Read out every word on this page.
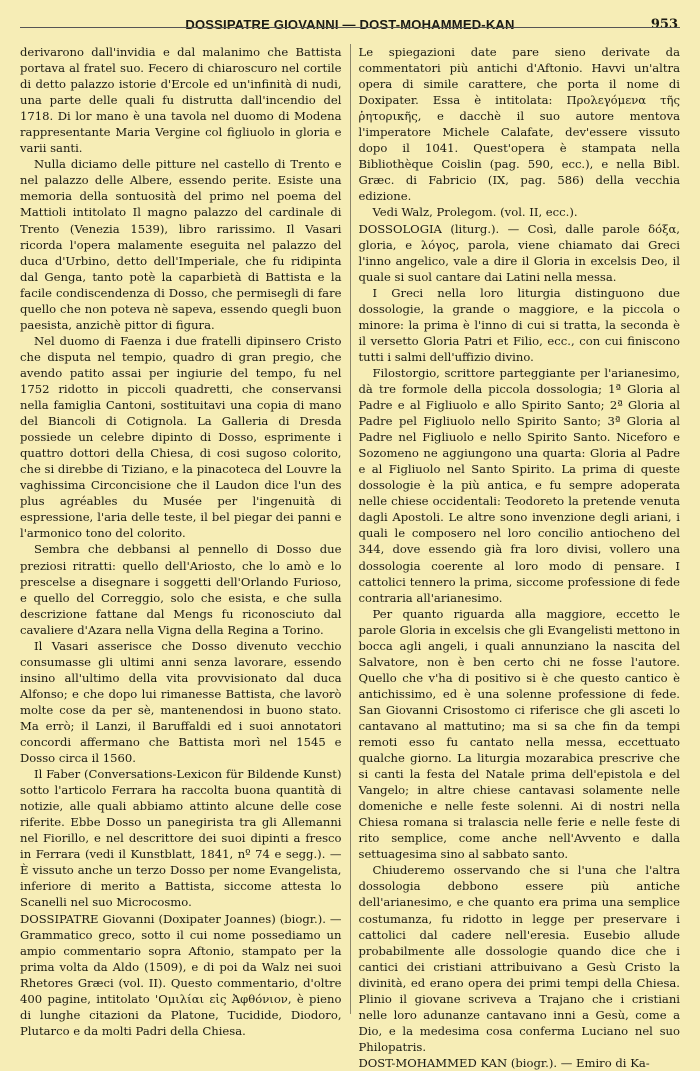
DOSSIPATRE GIOVANNI — DOST-MOHAMMED-KAN	953

derivarono dall'invidia e dal malanimo che Battista portava al fratel suo. Fecero di chiaroscuro nel cortile di detto palazzo istorie d'Ercole ed un'infinità di nudi, una parte delle quali fu distrutta dall'incendio del 1718. Di lor mano è una tavola nel duomo di Modena rappresentante Maria Vergine col figliuolo in gloria e varii santi.

Nulla diciamo delle pitture nel castello di Trento e nel palazzo delle Albere, essendo perite. Esiste una memoria della sontuosità del primo nel poema del Mattioli intitolato Il magno palazzo del cardinale di Trento (Venezia 1539), libro rarissimo. Il Vasari ricorda l'opera malamente eseguita nel palazzo del duca d'Urbino, detto dell'Imperiale, che fu ridipinta dal Genga, tanto potè la caparbietà di Battista e la facile condiscendenza di Dosso, che permisegli di fare quello che non poteva nè sapeva, essendo quegli buon paesista, anzichè pittor di figura.

Nel duomo di Faenza i due fratelli dipinsero Cristo che disputa nel tempio, quadro di gran pregio, che avendo patito assai per ingiurie del tempo, fu nel 1752 ridotto in piccoli quadretti, che conservansi nella famiglia Cantoni, sostituitavi una copia di mano del Biancoli di Cotignola. La Galleria di Dresda possiede un celebre dipinto di Dosso, esprimente i quattro dottori della Chiesa, di cosi sugoso colorito, che si direbbe di Tiziano, e la pinacoteca del Louvre la vaghissima Circoncisione che il Laudon dice l'un des plus agréables du Musée per l'ingenuità di espressione, l'aria delle teste, il bel piegar dei panni e l'armonico tono del colorito.

Sembra che debbansi al pennello di Dosso due preziosi ritratti: quello dell'Ariosto, che lo amò e lo prescelse a disegnare i soggetti dell'Orlando Furioso, e quello del Correggio, solo che esista, e che sulla descrizione fattane dal Mengs fu riconosciuto dal cavaliere d'Azara nella Vigna della Regina a Torino.

Il Vasari asserisce che Dosso divenuto vecchio consumasse gli ultimi anni senza lavorare, essendo insino all'ultimo della vita provvisionato dal duca Alfonso; e che dopo lui rimanesse Battista, che lavorò molte cose da per sè, mantenendosi in buono stato. Ma errò; il Lanzi, il Baruffaldi ed i suoi annotatori concordi affermano che Battista morì nel 1545 e Dosso circa il 1560.

Il Faber (Conversations-Lexicon für Bildende Kunst) sotto l'articolo Ferrara ha raccolta buona quantità di notizie, alle quali abbiamo attinto alcune delle cose riferite. Ebbe Dosso un panegirista tra gli Allemanni nel Fiorillo, e nel descrittore dei suoi dipinti a fresco in Ferrara (vedi il Kunstblatt, 1841, nº 74 e segg.). — È vissuto anche un terzo Dosso per nome Evangelista, inferiore di merito a Battista, siccome attesta lo Scanelli nel suo Microcosmo.

DOSSIPATRE Giovanni (Doxipater Joannes) (biogr.). — Grammatico greco, sotto il cui nome possediamo un ampio commentario sopra Aftonio, stampato per la prima volta da Aldo (1509), e di poi da Walz nei suoi Rhetores Græci (vol. II). Questo commentario, d'oltre 400 pagine, intitolato 'Ομιλίαι εἰς Ἀφθόνιον, è pieno di lunghe citazioni da Platone, Tucidide, Diodoro, Plutarco e da molti Padri della Chiesa.

Le spiegazioni date pare sieno derivate da commentatori più antichi d'Aftonio. Havvi un'altra opera di simile carattere, che porta il nome di Doxipater. Essa è intitolata: Προλεγόμενα τῆς ῥητορικῆς, e dacchè il suo autore mentova l'imperatore Michele Calafate, dev'essere vissuto dopo il 1041. Quest'opera è stampata nella Bibliothèque Coislin (pag. 590, ecc.), e nella Bibl. Græc. di Fabricio (IX, pag. 586) della vecchia edizione.

Vedi Walz, Prolegom. (vol. II, ecc.).

DOSSOLOGIA (liturg.). — Così, dalle parole δόξα, gloria, e λόγος, parola, viene chiamato dai Greci l'inno angelico, vale a dire il Gloria in excelsis Deo, il quale si suol cantare dai Latini nella messa.

I Greci nella loro liturgia distinguono due dossologie, la grande o maggiore, e la piccola o minore: la prima è l'inno di cui si tratta, la seconda è il versetto Gloria Patri et Filio, ecc., con cui finiscono tutti i salmi dell'uffizio divino.

Filostorgio, scrittore parteggiante per l'arianesimo, dà tre formole della piccola dossologia; 1ª Gloria al Padre e al Figliuolo e allo Spirito Santo; 2ª Gloria al Padre pel Figliuolo nello Spirito Santo; 3ª Gloria al Padre nel Figliuolo e nello Spirito Santo. Niceforo e Sozomeno ne aggiungono una quarta: Gloria al Padre e al Figliuolo nel Santo Spirito. La prima di queste dossologie è la più antica, e fu sempre adoperata nelle chiese occidentali: Teodoreto la pretende venuta dagli Apostoli. Le altre sono invenzione degli ariani, i quali le composero nel loro concilio antiocheno del 344, dove essendo già fra loro divisi, vollero una dossologia coerente al loro modo di pensare. I cattolici tennero la prima, siccome professione di fede contraria all'arianesimo.

Per quanto riguarda alla maggiore, eccetto le parole Gloria in excelsis che gli Evangelisti mettono in bocca agli angeli, i quali annunziano la nascita del Salvatore, non è ben certo chi ne fosse l'autore. Quello che v'ha di positivo si è che questo cantico è antichissimo, ed è una solenne professione di fede. San Giovanni Crisostomo ci riferisce che gli asceti lo cantavano al mattutino; ma si sa che fin da tempi remoti esso fu cantato nella messa, eccettuato qualche giorno. La liturgia mozarabica prescrive che si canti la festa del Natale prima dell'epistola e del Vangelo; in altre chiese cantavasi solamente nelle domeniche e nelle feste solenni. Ai di nostri nella Chiesa romana si tralascia nelle ferie e nelle feste di rito semplice, come anche nell'Avvento e dalla settuagesima sino al sabbato santo.

Chiuderemo osservando che si l'una che l'altra dossologia debbono essere più antiche dell'arianesimo, e che quanto era prima una semplice costumanza, fu ridotto in legge per preservare i cattolici dal cadere nell'eresia. Eusebio allude probabilmente alle dossologie quando dice che i cantici dei cristiani attribuivano a Gesù Cristo la divinità, ed erano opera dei primi tempi della Chiesa. Plinio il giovane scriveva a Trajano che i cristiani nelle loro adunanze cantavano inni a Gesù, come a Dio, e la medesima cosa conferma Luciano nel suo Philopatris.

DOST-MOHAMMED KAN (biogr.). — Emiro di Ka-
